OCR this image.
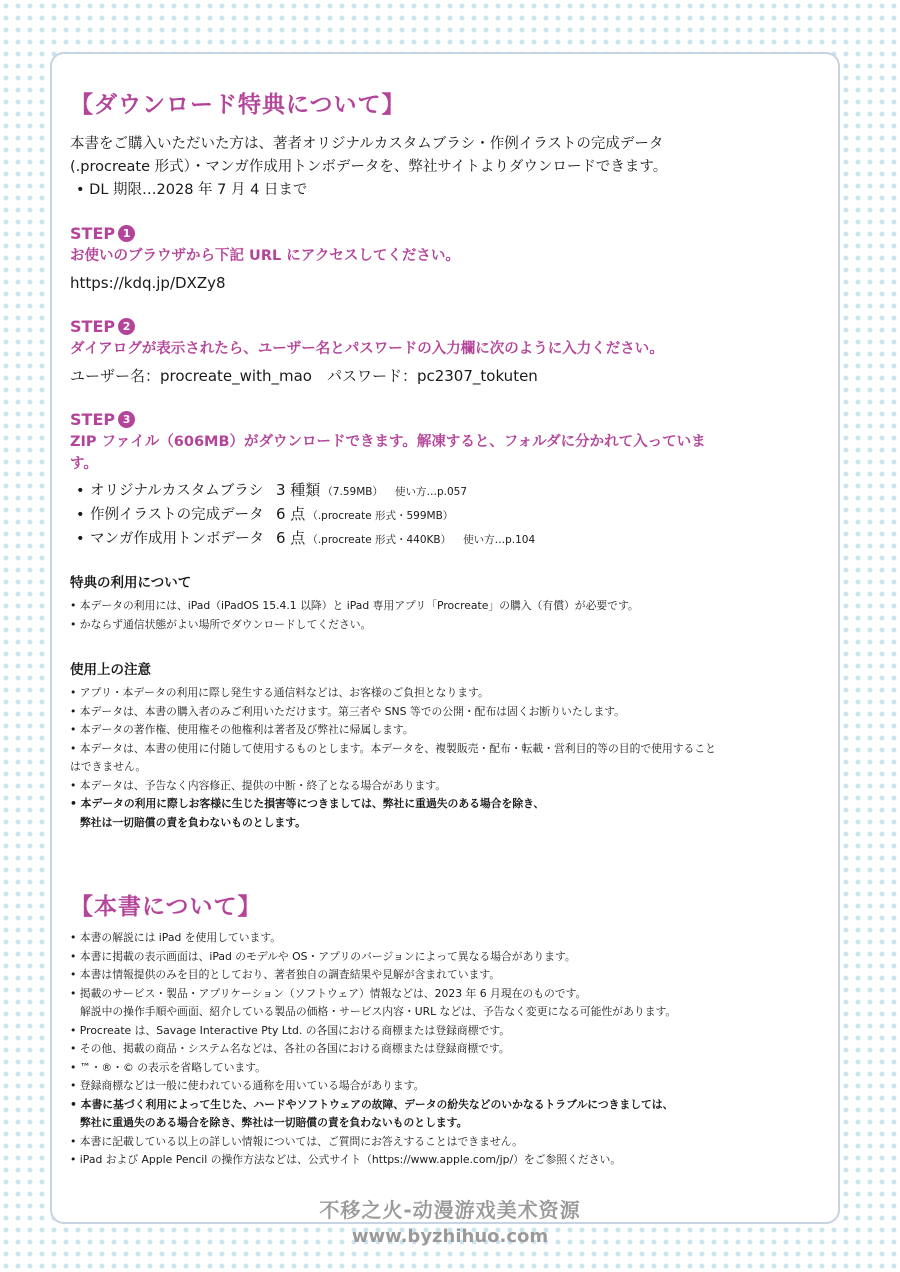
【ダウンロード特典について】

本書をご購入いただいた方は、著者オリジナルカスタムブラシ・作例イラストの完成データ

(.procreate 形式）・マンガ作成用トンボデータを、弊社サイトよりダウンロードできます。

• DL 期限…2028 年 7 月 4 日まで

STEP 1

お使いのブラウザから下記 URL にアクセスしてください。

https://kdq.jp/DXZy8

STEP 2

ダイアログが表示されたら、ユーザー名とパスワードの入力欄に次のように入力ください。

ユーザー名：procreate_with_mao　パスワード：pc2307_tokuten

STEP 3

ZIP ファイル（606MB）がダウンロードできます。解凍すると、フォルダに分かれて入っています。

• オリジナルカスタムブラシ 3 種類 （7.59MB） 使い方…p.057
• 作例イラストの完成データ 6 点 （.procreate 形式・599MB）
• マンガ作成用トンボデータ 6 点 （.procreate 形式・440KB） 使い方…p.104
特典の利用について
• 本データの利用には、iPad（iPadOS 15.4.1 以降）と iPad 専用アプリ「Procreate」の購入（有償）が必要です。
• かならず通信状態がよい場所でダウンロードしてください。
使用上の注意
• アプリ・本データの利用に際し発生する通信料などは、お客様のご負担となります。
• 本データは、本書の購入者のみご利用いただけます。第三者や SNS 等での公開・配布は固くお断りいたします。
• 本データの著作権、使用権その他権利は著者及び弊社に帰属します。
• 本データは、本書の使用に付随して使用するものとします。本データを、複製販売・配布・転載・営利目的等の目的で使用すること
はできません。
• 本データは、予告なく内容修正、提供の中断・終了となる場合があります。
• 本データの利用に際しお客様に生じた損害等につきましては、弊社に重過失のある場合を除き、
弊社は一切賠償の責を負わないものとします。
【本書について】
• 本書の解説には iPad を使用しています。
• 本書に掲載の表示画面は、iPad のモデルや OS・アプリのバージョンによって異なる場合があります。
• 本書は情報提供のみを目的としており、著者独自の調査結果や見解が含まれています。
• 掲載のサービス・製品・アプリケーション（ソフトウェア）情報などは、2023 年 6 月現在のものです。
解説中の操作手順や画面、紹介している製品の価格・サービス内容・URL などは、予告なく変更になる可能性があります。
• Procreate は、Savage Interactive Pty Ltd. の各国における商標または登録商標です。
• その他、掲載の商品・システム名などは、各社の各国における商標または登録商標です。
• ™・®・© の表示を省略しています。
• 登録商標などは一般に使われている通称を用いている場合があります。
• 本書に基づく利用によって生じた、ハードやソフトウェアの故障、データの紛失などのいかなるトラブルにつきましては、
弊社に重過失のある場合を除き、弊社は一切賠償の責を負わないものとします。
• 本書に記載している以上の詳しい情報については、ご質問にお答えすることはできません。
• iPad および Apple Pencil の操作方法などは、公式サイト（https://www.apple.com/jp/）をご参照ください。
不移之火-动漫游戏美术资源
www.byzhihuo.com
